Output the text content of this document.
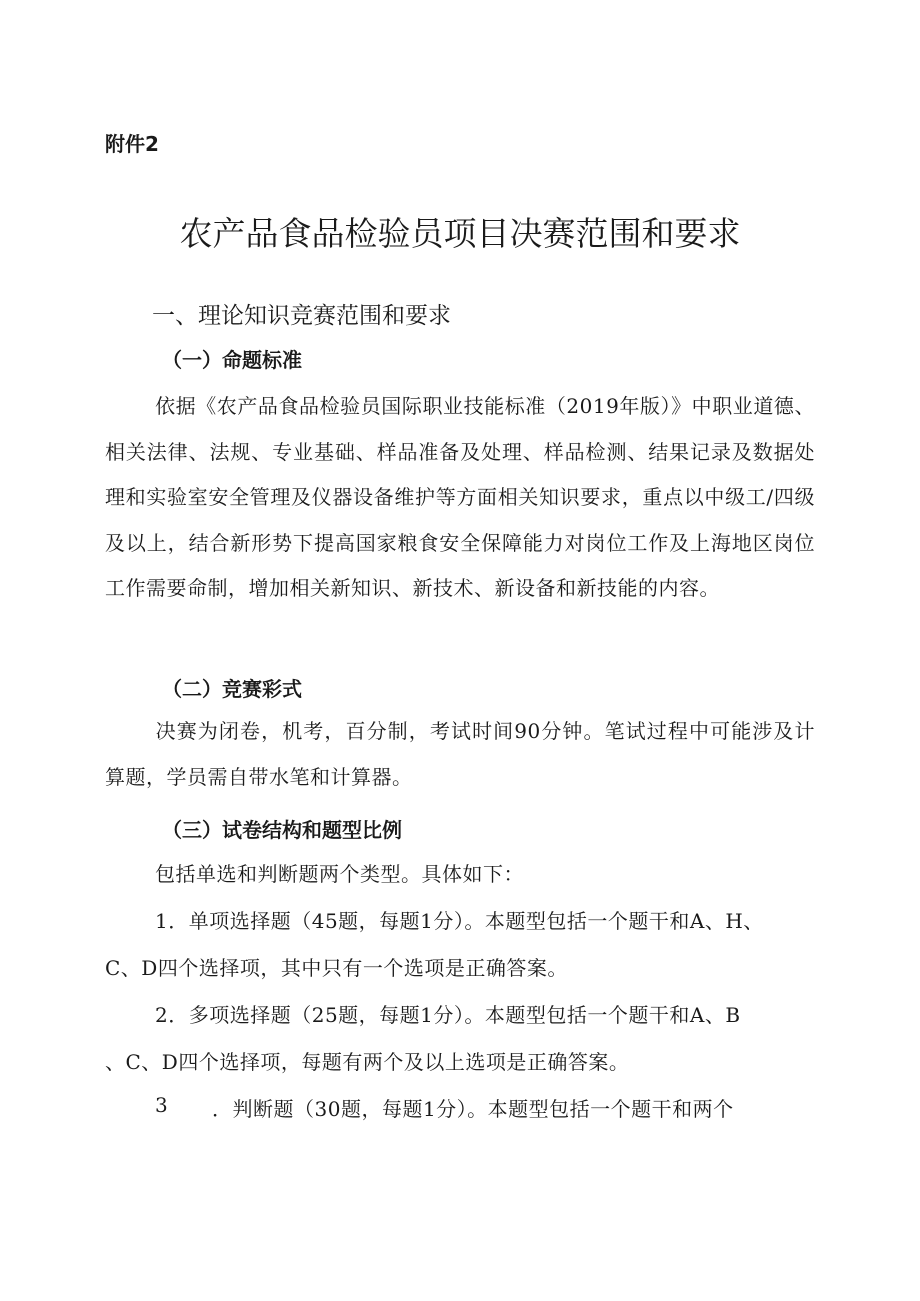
附件2
农产品食品检验员项目决赛范围和要求
一、理论知识竞赛范围和要求
（一）命题标准
依据《农产品食品检验员国际职业技能标准（2019年版）》中职业道德、相关法律、法规、专业基础、样品准备及处理、样品检测、结果记录及数据处理和实验室安全管理及仪器设备维护等方面相关知识要求，重点以中级工/四级及以上，结合新形势下提高国家粮食安全保障能力对岗位工作及上海地区岗位工作需要命制，增加相关新知识、新技术、新设备和新技能的内容。
（二）竞赛彩式
决赛为闭卷，机考，百分制，考试时间90分钟。笔试过程中可能涉及计算题，学员需自带水笔和计算器。
（三）试卷结构和题型比例
包括单选和判断题两个类型。具体如下：
1．单项选择题（45题，每题1分）。本题型包括一个题干和A、H、
C、D四个选择项，其中只有一个选项是正确答案。
2．多项选择题（25题，每题1分）。本题型包括一个题干和A、B
、C、D四个选择项，每题有两个及以上选项是正确答案。
3	．判断题（30题，每题1分）。本题型包括一个题干和两个
